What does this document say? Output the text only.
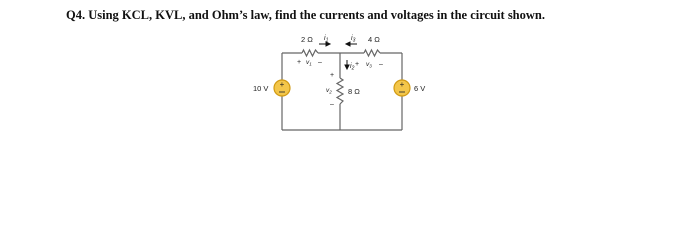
Q4. Using KCL, KVL, and Ohm’s law, find the currents and voltages in the circuit shown.
+	+
2 Ω	4 Ω
8 Ω
10 V	6 V
$i_1$	$i_3$
$i_2$
+ $v_1$ –	+ $v_3$ –
+
$v_2$
–
